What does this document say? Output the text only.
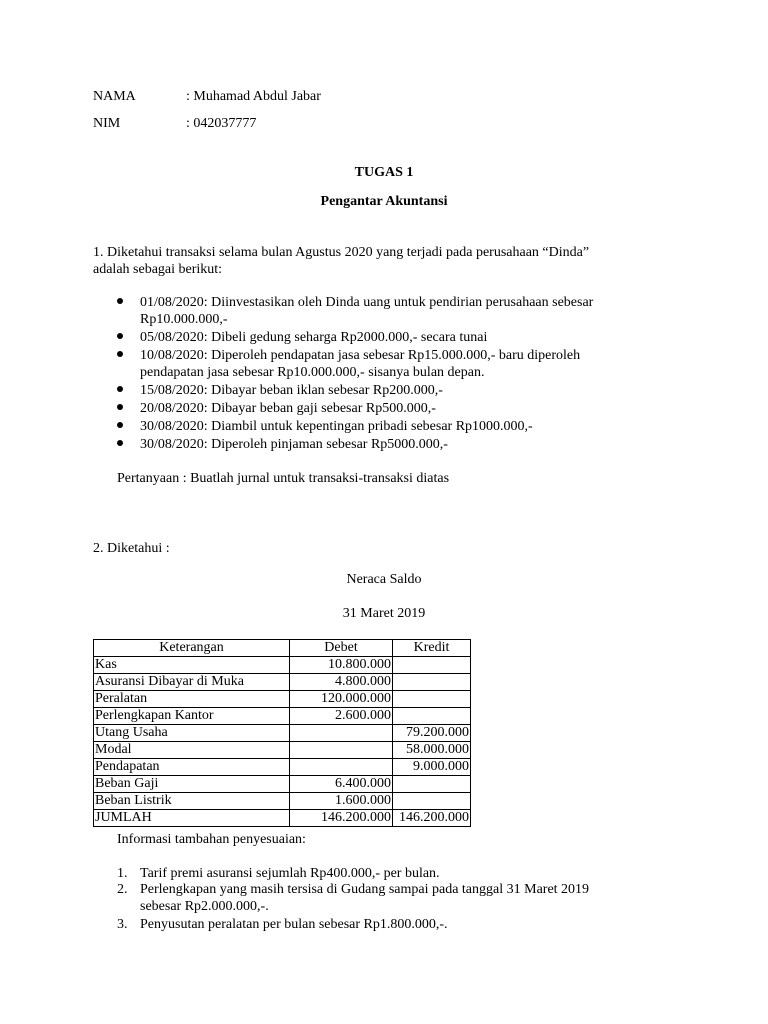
NAMA	: Muhamad Abdul Jabar
NIM	: 042037777
TUGAS 1
Pengantar Akuntansi
1. Diketahui transaksi selama bulan Agustus 2020 yang terjadi pada perusahaan “Dinda”
adalah sebagai berikut:
01/08/2020: Diinvestasikan oleh Dinda uang untuk pendirian perusahaan sebesar
Rp10.000.000,-
05/08/2020: Dibeli gedung seharga Rp2000.000,- secara tunai
10/08/2020: Diperoleh pendapatan jasa sebesar Rp15.000.000,- baru diperoleh
pendapatan jasa sebesar Rp10.000.000,- sisanya bulan depan.
15/08/2020: Dibayar beban iklan sebesar Rp200.000,-
20/08/2020: Dibayar beban gaji sebesar Rp500.000,-
30/08/2020: Diambil untuk kepentingan pribadi sebesar Rp1000.000,-
30/08/2020: Diperoleh pinjaman sebesar Rp5000.000,-
Pertanyaan : Buatlah jurnal untuk transaksi-transaksi diatas
2. Diketahui :
Neraca Saldo
31 Maret 2019
Keterangan	Debet	Kredit
Kas	10.800.000	
Asuransi Dibayar di Muka	4.800.000	
Peralatan	120.000.000	
Perlengkapan Kantor	2.600.000	
Utang Usaha		79.200.000
Modal		58.000.000
Pendapatan		9.000.000
Beban Gaji	6.400.000	
Beban Listrik	1.600.000	
JUMLAH	146.200.000	146.200.000
Informasi tambahan penyesuaian:
1. Tarif premi asuransi sejumlah Rp400.000,- per bulan.
2. Perlengkapan yang masih tersisa di Gudang sampai pada tanggal 31 Maret 2019
sebesar Rp2.000.000,-.
3. Penyusutan peralatan per bulan sebesar Rp1.800.000,-.
